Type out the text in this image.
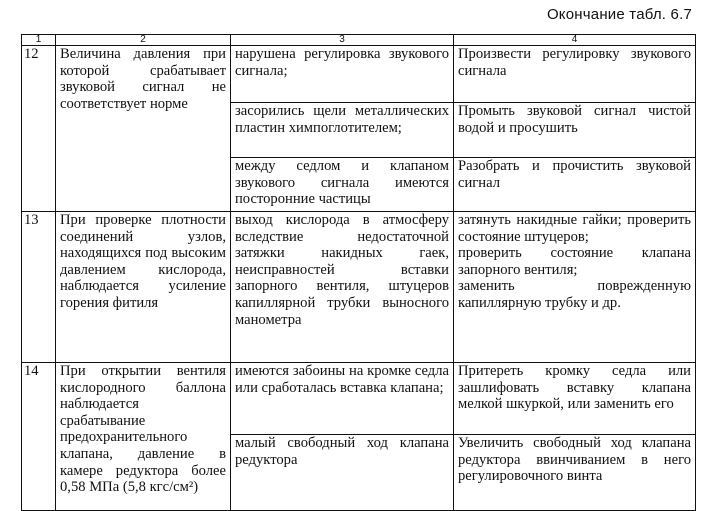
Окончание табл. 6.7
1	2	3	4
12	Величина давления при которой срабатывает звуковой сигнал не соответствует норме	нарушена регулировка звукового сигнала;	Произвести регулировку звукового сигнала
		засорились щели металлических пластин химпоглотителем;	Промыть звуковой сигнал чистой водой и просушить
		между седлом и клапаном звукового сигнала имеются посторонние частицы	Разобрать и прочистить звуковой сигнал
13	При проверке плотности соединений узлов, находящихся под высоким давлением кислорода, наблюдается усиление горения фитиля	выход кислорода в атмосферу вследствие недостаточной затяжки накидных гаек, неисправностей вставки запорного вентиля, штуцеров капиллярной трубки выносного манометра	затянуть накидные гайки; проверить состояние штуцеров;
проверить состояние клапана запорного вентиля;
заменить поврежденную капиллярную трубку и др.

14	При открытии вентиля кислородного баллона наблюдается срабатывание предохранительного клапана, давление в камере редуктора более 0,58 МПа (5,8 кгс/см²)	имеются забоины на кромке седла или сработалась вставка клапана;	Притереть кромку седла или зашлифовать вставку клапана мелкой шкуркой, или заменить его
		малый свободный ход клапана редуктора	Увеличить свободный ход клапана редуктора ввинчиванием в него регулировочного винта
